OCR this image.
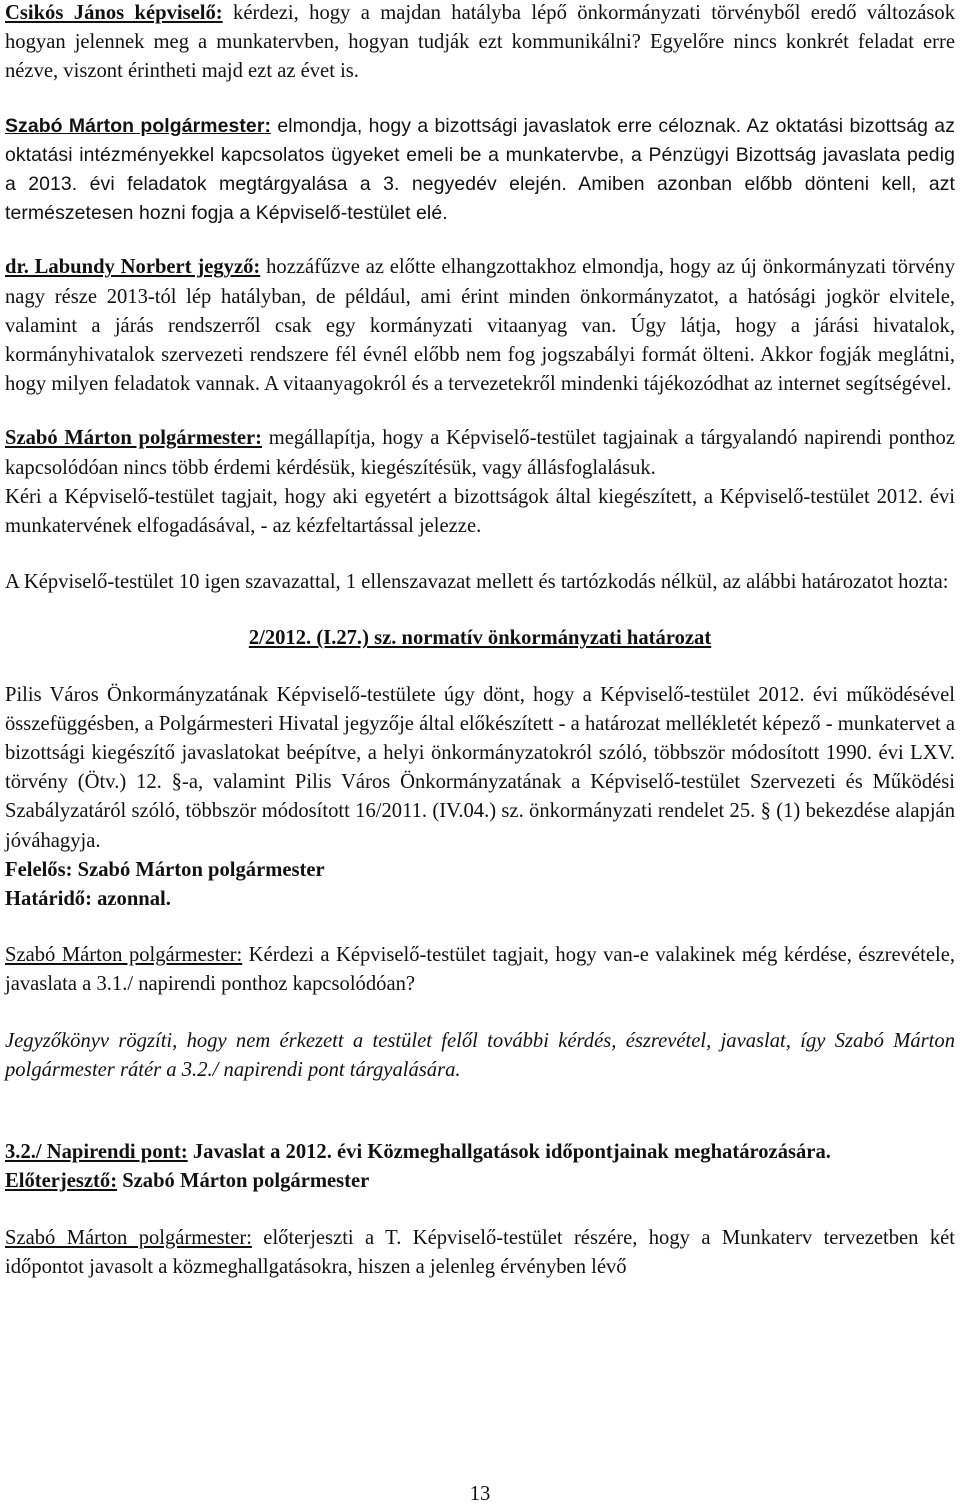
Csikós János képviselő: kérdezi, hogy a majdan hatályba lépő önkormányzati törvényből eredő változások hogyan jelennek meg a munkatervben, hogyan tudják ezt kommunikálni? Egyelőre nincs konkrét feladat erre nézve, viszont érintheti majd ezt az évet is.

Szabó Márton polgármester: elmondja, hogy a bizottsági javaslatok erre céloznak. Az oktatási bizottság az oktatási intézményekkel kapcsolatos ügyeket emeli be a munkatervbe, a Pénzügyi Bizottság javaslata pedig a 2013. évi feladatok megtárgyalása a 3. negyedév elején. Amiben azonban előbb dönteni kell, azt természetesen hozni fogja a Képviselő-testület elé.

dr. Labundy Norbert jegyző: hozzáfűzve az előtte elhangzottakhoz elmondja, hogy az új önkormányzati törvény nagy része 2013-tól lép hatályban, de például, ami érint minden önkormányzatot, a hatósági jogkör elvitele, valamint a járás rendszerről csak egy kormányzati vitaanyag van. Úgy látja, hogy a járási hivatalok, kormányhivatalok szervezeti rendszere fél évnél előbb nem fog jogszabályi formát ölteni. Akkor fogják meglátni, hogy milyen feladatok vannak. A vitaanyagokról és a tervezetekről mindenki tájékozódhat az internet segítségével.

Szabó Márton polgármester: megállapítja, hogy a Képviselő-testület tagjainak a tárgyalandó napirendi ponthoz kapcsolódóan nincs több érdemi kérdésük, kiegészítésük, vagy állásfoglalásuk.

Kéri a Képviselő-testület tagjait, hogy aki egyetért a bizottságok által kiegészített, a Képviselő-testület 2012. évi munkatervének elfogadásával, - az kézfeltartással jelezze.

A Képviselő-testület 10 igen szavazattal, 1 ellenszavazat mellett és tartózkodás nélkül, az alábbi határozatot hozta:

2/2012. (I.27.) sz. normatív önkormányzati határozat

Pilis Város Önkormányzatának Képviselő-testülete úgy dönt, hogy a Képviselő-testület 2012. évi működésével összefüggésben, a Polgármesteri Hivatal jegyzője által előkészített - a határozat mellékletét képező - munkatervet a bizottsági kiegészítő javaslatokat beépítve, a helyi önkormányzatokról szóló, többször módosított 1990. évi LXV. törvény (Ötv.) 12. §-a, valamint Pilis Város Önkormányzatának a Képviselő-testület Szervezeti és Működési Szabályzatáról szóló, többször módosított 16/2011. (IV.04.) sz. önkormányzati rendelet 25. § (1) bekezdése alapján jóváhagyja.

Felelős: Szabó Márton polgármester

Határidő: azonnal.

Szabó Márton polgármester: Kérdezi a Képviselő-testület tagjait, hogy van-e valakinek még kérdése, észrevétele, javaslata a 3.1./ napirendi ponthoz kapcsolódóan?

Jegyzőkönyv rögzíti, hogy nem érkezett a testület felől további kérdés, észrevétel, javaslat, így Szabó Márton polgármester rátér a 3.2./ napirendi pont tárgyalására.

3.2./ Napirendi pont: Javaslat a 2012. évi Közmeghallgatások időpontjainak meghatározására.

Előterjesztő: Szabó Márton polgármester

Szabó Márton polgármester: előterjeszti a T. Képviselő-testület részére, hogy a Munkaterv tervezetben két időpontot javasolt a közmeghallgatásokra, hiszen a jelenleg érvényben lévő

13
